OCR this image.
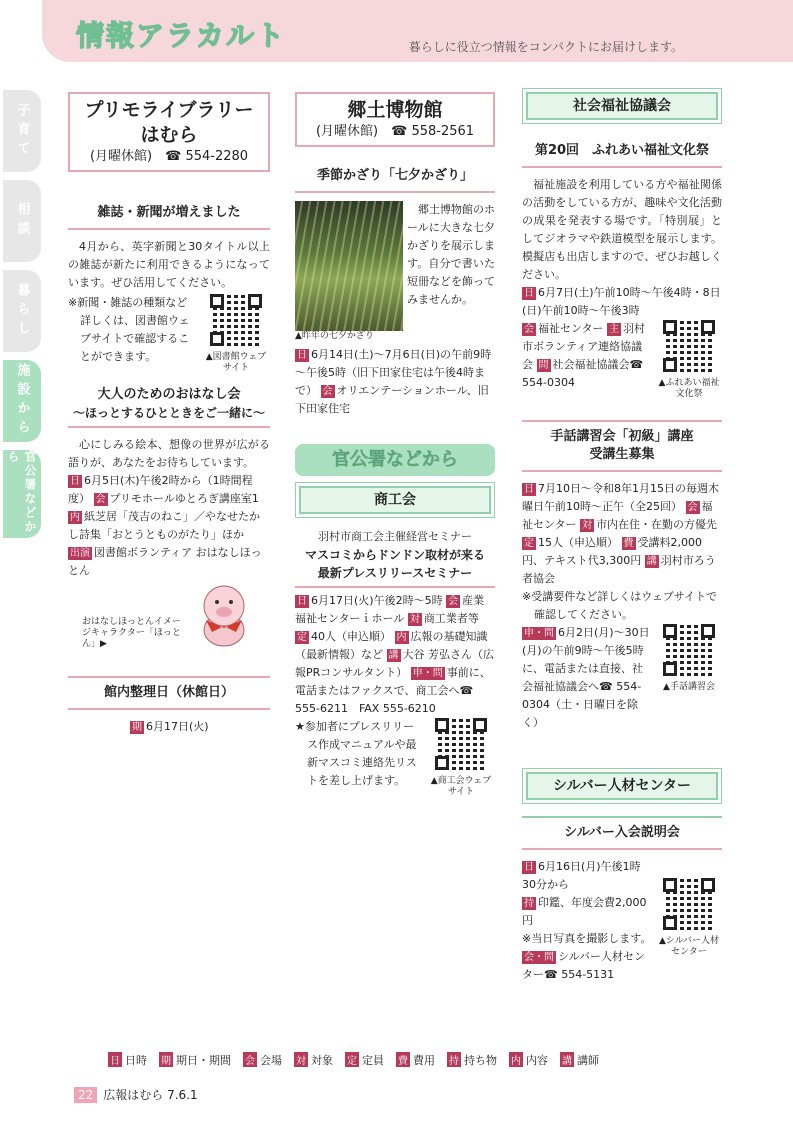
情報アラカルト	暮らしに役立つ情報をコンパクトにお届けします。
子育て
相談
暮らし
施設から
官公署などから
プリモライブラリー
はむら
(月曜休館)　☎ 554-2280
雑誌・新聞が増えました
4月から、英字新聞と30タイトル以上の雑誌が新たに利用できるようになっています。ぜひ活用してください。
※新聞・雑誌の種類など詳しくは、図書館ウェブサイトで確認することができます。	▲図書館ウェブサイト
大人のためのおはなし会
～ほっとするひとときをご一緒に～
心にしみる絵本、想像の世界が広がる語りが、あなたをお待ちしています。
日 6月5日(木)午後2時から（1時間程度） 会 プリモホールゆとろぎ講座室1 内 紙芝居「茂吉のねこ」／やなせたかし詩集「おとうとものがたり」ほか 出演 図書館ボランティア おはなしほっとん
おはなしほっとんイメージキャラクター「ほっとん」▶
館内整理日（休館日）
期 6月17日(火)
郷土博物館
(月曜休館)　☎ 558-2561
季節かざり「七夕かざり」
▲昨年の七夕かざり
郷土博物館のホールに大きな七夕かざりを展示します。自分で書いた短冊などを飾ってみませんか。
日 6月14日(土)～7月6日(日)の午前9時～午後5時（旧下田家住宅は午後4時まで） 会 オリエンテーションホール、旧下田家住宅
官公署などから
商工会
羽村市商工会主催経営セミナー
マスコミからドンドン取材が来る
最新プレスリリースセミナー
日 6月17日(火)午後2時～5時 会 産業福祉センターｉホール 対 商工業者等 定 40人（申込順） 内 広報の基礎知識（最新情報）など 講 大谷 芳弘さん（広報PRコンサルタント） 申・問 事前に、電話またはファクスで、商工会へ☎ 555-6211　FAX 555-6210
★参加者にプレスリリース作成マニュアルや最新マスコミ連絡先リストを差し上げます。	▲商工会ウェブサイト
社会福祉協議会
第20回　ふれあい福祉文化祭
福祉施設を利用している方や福祉関係の活動をしている方が、趣味や文化活動の成果を発表する場です。「特別展」としてジオラマや鉄道模型を展示します。模擬店も出店しますので、ぜひお越しください。
日 6月7日(土)午前10時～午後4時・8日(日)午前10時～午後3時
会 福祉センター 主 羽村市ボランティア連絡協議会 問 社会福祉協議会☎ 554-0304	▲ふれあい福祉文化祭
手話講習会「初級」講座
受講生募集
日 7月10日～令和8年1月15日の毎週木曜日午前10時～正午（全25回） 会 福祉センター 対 市内在住・在勤の方優先 定 15人（申込順） 費 受講料2,000円、テキスト代3,300円 講 羽村市ろう者協会
※受講要件など詳しくはウェブサイトで確認してください。
申・問 6月2日(月)～30日(月)の午前9時～午後5時に、電話または直接、社会福祉協議会へ☎ 554-0304（土・日曜日を除く）
▲手話講習会
シルバー人材センター
シルバー入会説明会
日 6月16日(月)午後1時30分から
持 印鑑、年度会費2,000円
※当日写真を撮影します。
会・問 シルバー人材センター☎ 554-5131
▲シルバー人材センター
日 日時 期 期日・期間 会 会場 対 対象 定 定員 費 費用 持 持ち物 内 内容 講 講師
22 広報はむら 7.6.1
